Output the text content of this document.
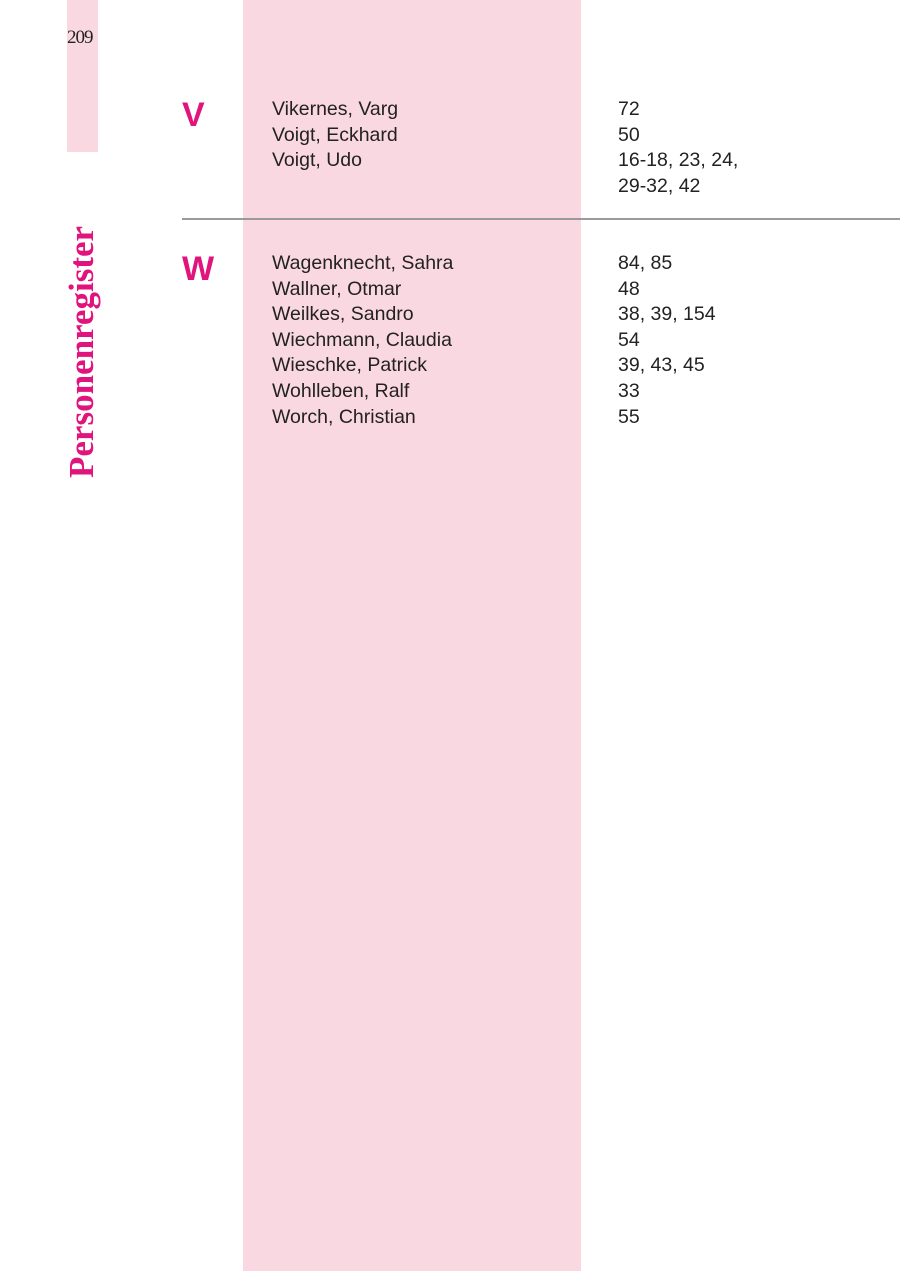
209
Personenregister
V	Vikernes, Varg	72
Voigt, Eckhard	50
Voigt, Udo	16-18, 23, 24,
29-32, 42
W	Wagenknecht, Sahra	84, 85
Wallner, Otmar	48
Weilkes, Sandro	38, 39, 154
Wiechmann, Claudia	54
Wieschke, Patrick	39, 43, 45
Wohlleben, Ralf	33
Worch, Christian	55
